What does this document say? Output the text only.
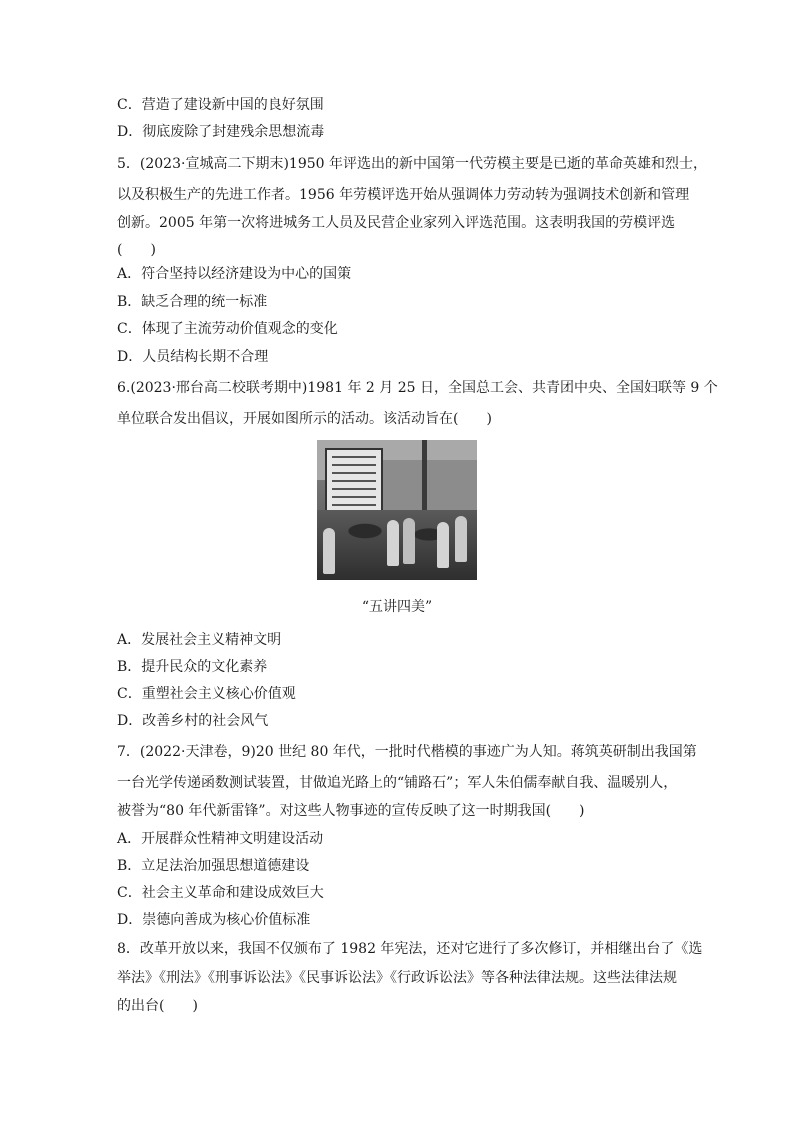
C．营造了建设新中国的良好氛围
D．彻底废除了封建残余思想流毒
5．(2023·宣城高二下期末)1950 年评选出的新中国第一代劳模主要是已逝的革命英雄和烈士，
以及积极生产的先进工作者。1956 年劳模评选开始从强调体力劳动转为强调技术创新和管理
创新。2005 年第一次将进城务工人员及民营企业家列入评选范围。这表明我国的劳模评选
(　　)
A．符合坚持以经济建设为中心的国策
B．缺乏合理的统一标准
C．体现了主流劳动价值观念的变化
D．人员结构长期不合理
6.(2023·邢台高二校联考期中)1981 年 2 月 25 日，全国总工会、共青团中央、全国妇联等 9 个
单位联合发出倡议，开展如图所示的活动。该活动旨在(　　)
“五讲四美”
A．发展社会主义精神文明
B．提升民众的文化素养
C．重塑社会主义核心价值观
D．改善乡村的社会风气
7．(2022·天津卷，9)20 世纪 80 年代，一批时代楷模的事迹广为人知。蒋筑英研制出我国第
一台光学传递函数测试装置，甘做追光路上的“铺路石”；军人朱伯儒奉献自我、温暖别人，
被誉为“80 年代新雷锋”。对这些人物事迹的宣传反映了这一时期我国(　　)
A．开展群众性精神文明建设活动
B．立足法治加强思想道德建设
C．社会主义革命和建设成效巨大
D．崇德向善成为核心价值标准
8．改革开放以来，我国不仅颁布了 1982 年宪法，还对它进行了多次修订，并相继出台了《选
举法》《刑法》《刑事诉讼法》《民事诉讼法》《行政诉讼法》等各种法律法规。这些法律法规
的出台(　　)
